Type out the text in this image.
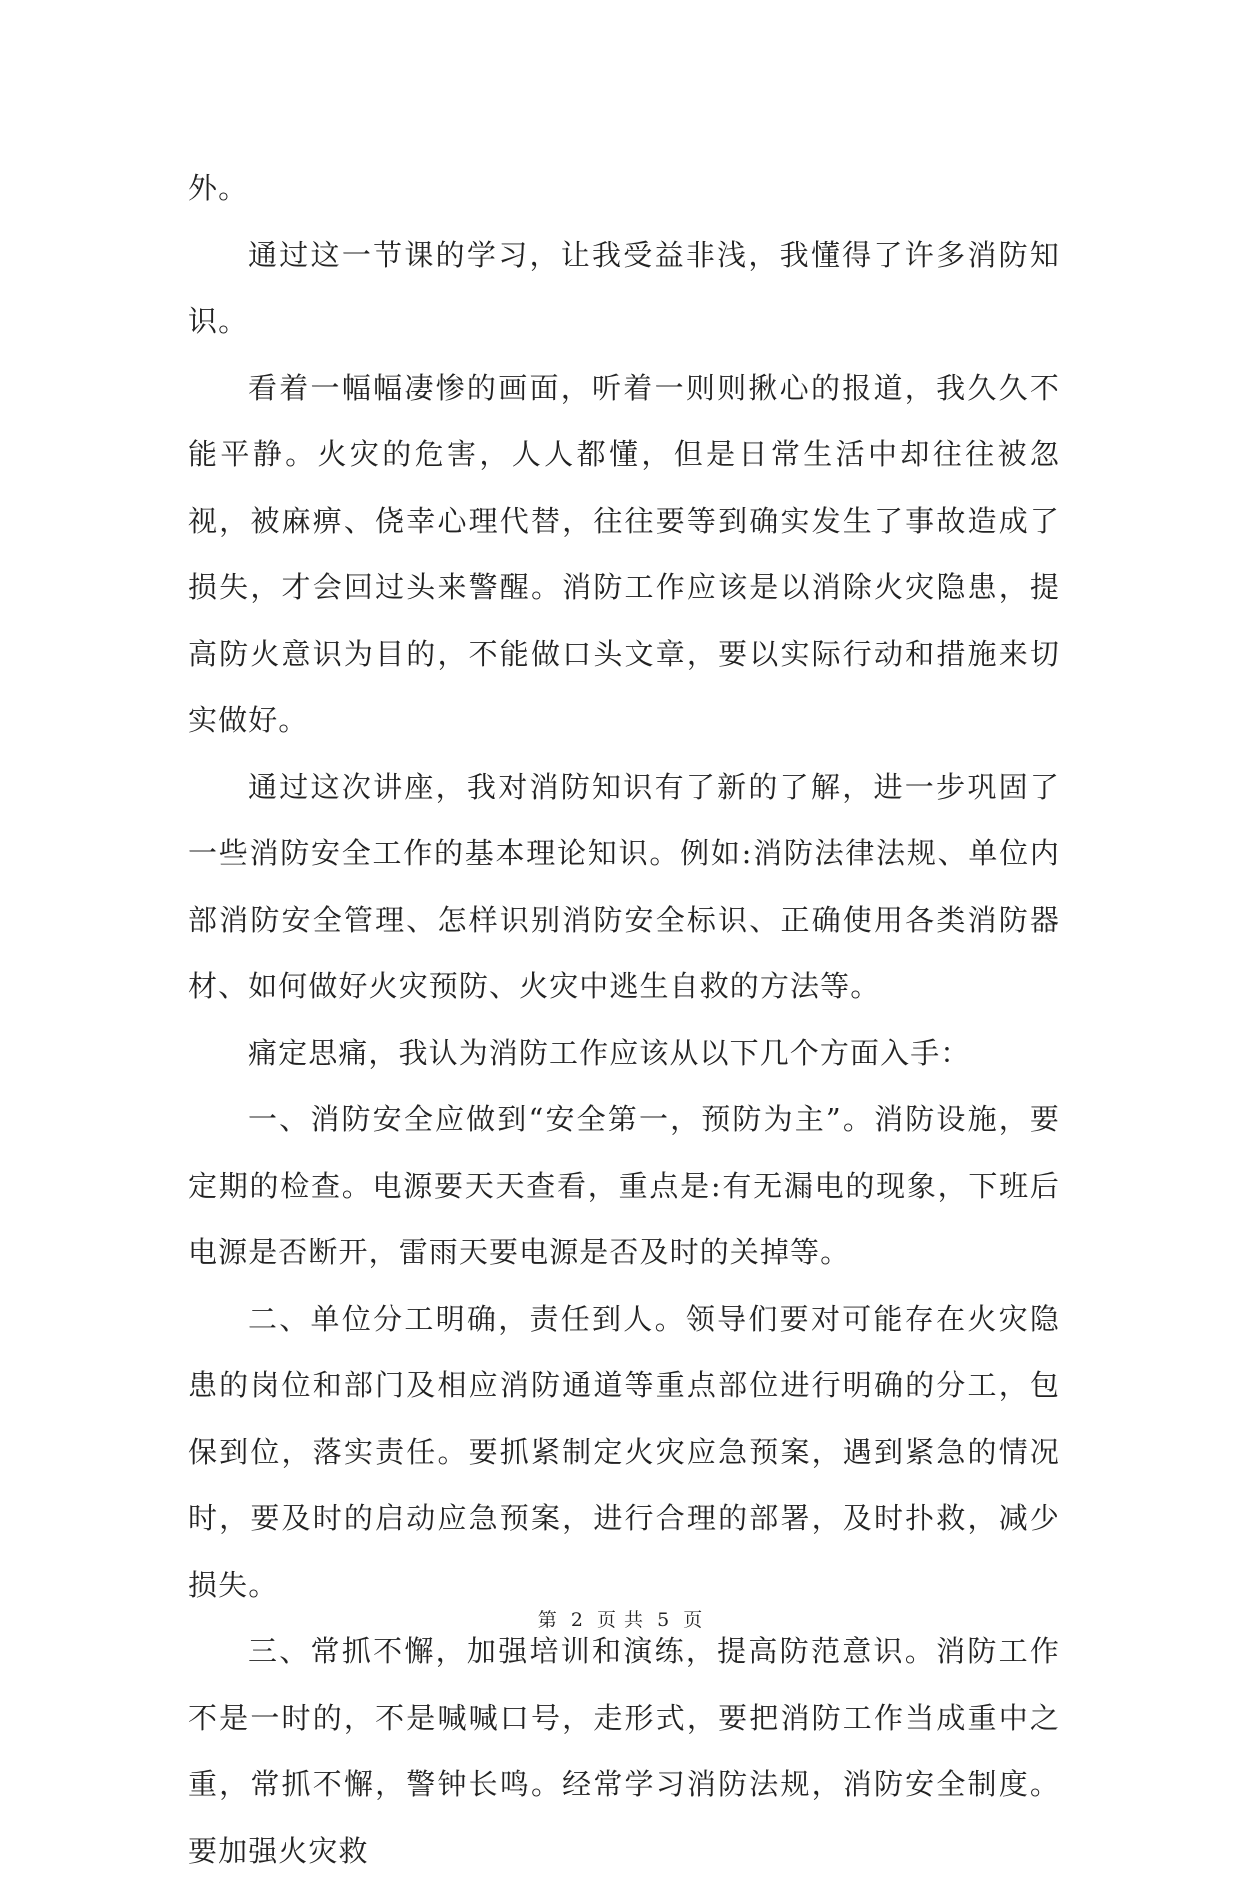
外。

通过这一节课的学习，让我受益非浅，我懂得了许多消防知识。

看着一幅幅凄惨的画面，听着一则则揪心的报道，我久久不能平静。火灾的危害，人人都懂，但是日常生活中却往往被忽视，被麻痹、侥幸心理代替，往往要等到确实发生了事故造成了损失，才会回过头来警醒。消防工作应该是以消除火灾隐患，提高防火意识为目的，不能做口头文章，要以实际行动和措施来切实做好。

通过这次讲座，我对消防知识有了新的了解，进一步巩固了一些消防安全工作的基本理论知识。例如:消防法律法规、单位内部消防安全管理、怎样识别消防安全标识、正确使用各类消防器材、如何做好火灾预防、火灾中逃生自救的方法等。

痛定思痛，我认为消防工作应该从以下几个方面入手：

一、消防安全应做到“安全第一，预防为主”。消防设施，要定期的检查。电源要天天查看，重点是:有无漏电的现象，下班后电源是否断开，雷雨天要电源是否及时的关掉等。

二、单位分工明确，责任到人。领导们要对可能存在火灾隐患的岗位和部门及相应消防通道等重点部位进行明确的分工，包保到位，落实责任。要抓紧制定火灾应急预案，遇到紧急的情况时，要及时的启动应急预案，进行合理的部署，及时扑救，减少损失。

三、常抓不懈，加强培训和演练，提高防范意识。消防工作不是一时的，不是喊喊口号，走形式，要把消防工作当成重中之重，常抓不懈，警钟长鸣。经常学习消防法规，消防安全制度。要加强火灾救

第 2 页 共 5 页
